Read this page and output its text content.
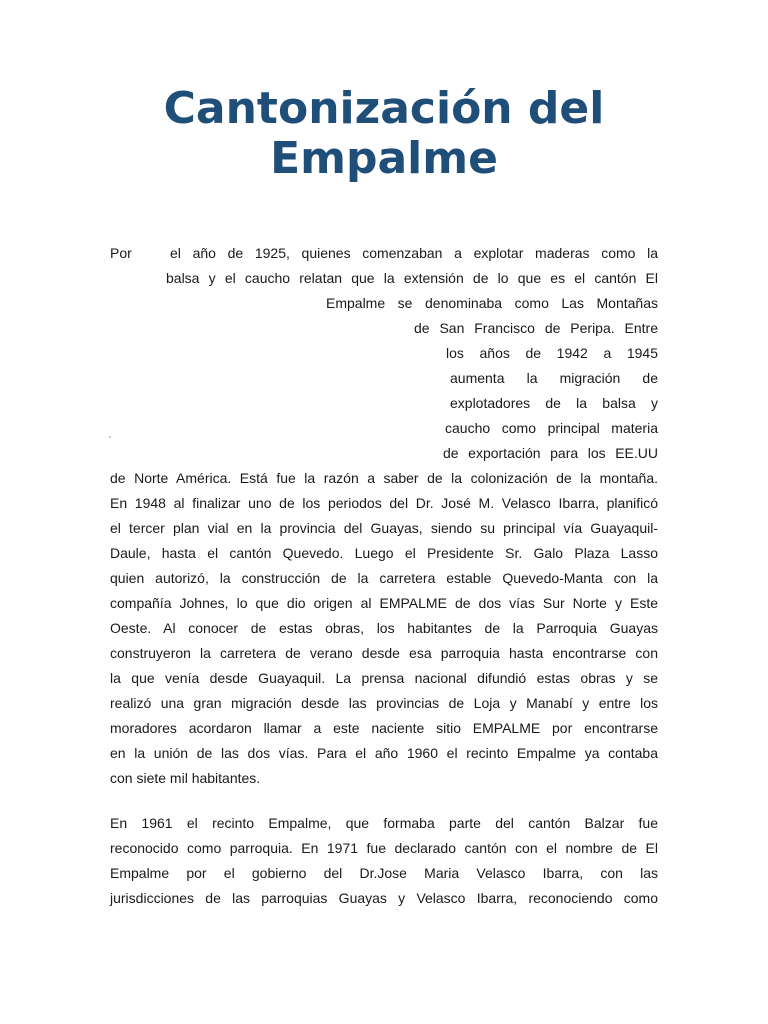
Cantonización del
Empalme
Por	el año de 1925, quienes comenzaban a explotar maderas como la
balsa y el caucho relatan que la extensión de lo que es el cantón El
Empalme se denominaba como Las Montañas
de San Francisco de Peripa. Entre
los años de 1942 a 1945
aumenta la migración de
explotadores de la balsa y
caucho como principal materia
de exportación para los EE.UU
de Norte América. Está fue la razón a saber de la colonización de la montaña.
En 1948 al finalizar uno de los periodos del Dr. José M. Velasco Ibarra, planificó
el tercer plan vial en la provincia del Guayas, siendo su principal vía Guayaquil-
Daule, hasta el cantón Quevedo. Luego el Presidente Sr. Galo Plaza Lasso
quien autorizó, la construcción de la carretera estable Quevedo-Manta con la
compañía Johnes, lo que dio origen al EMPALME de dos vías Sur Norte y Este
Oeste. Al conocer de estas obras, los habitantes de la Parroquia Guayas
construyeron la carretera de verano desde esa parroquia hasta encontrarse con
la que venía desde Guayaquil. La prensa nacional difundió estas obras y se
realizó una gran migración desde las provincias de Loja y Manabí y entre los
moradores acordaron llamar a este naciente sitio EMPALME por encontrarse
en la unión de las dos vías. Para el año 1960 el recinto Empalme ya contaba
con siete mil habitantes.
En 1961 el recinto Empalme, que formaba parte del cantón Balzar fue
reconocido como parroquia. En 1971 fue declarado cantón con el nombre de El
Empalme por el gobierno del Dr.Jose Maria Velasco Ibarra, con las
jurisdicciones de las parroquias Guayas y Velasco Ibarra, reconociendo como
